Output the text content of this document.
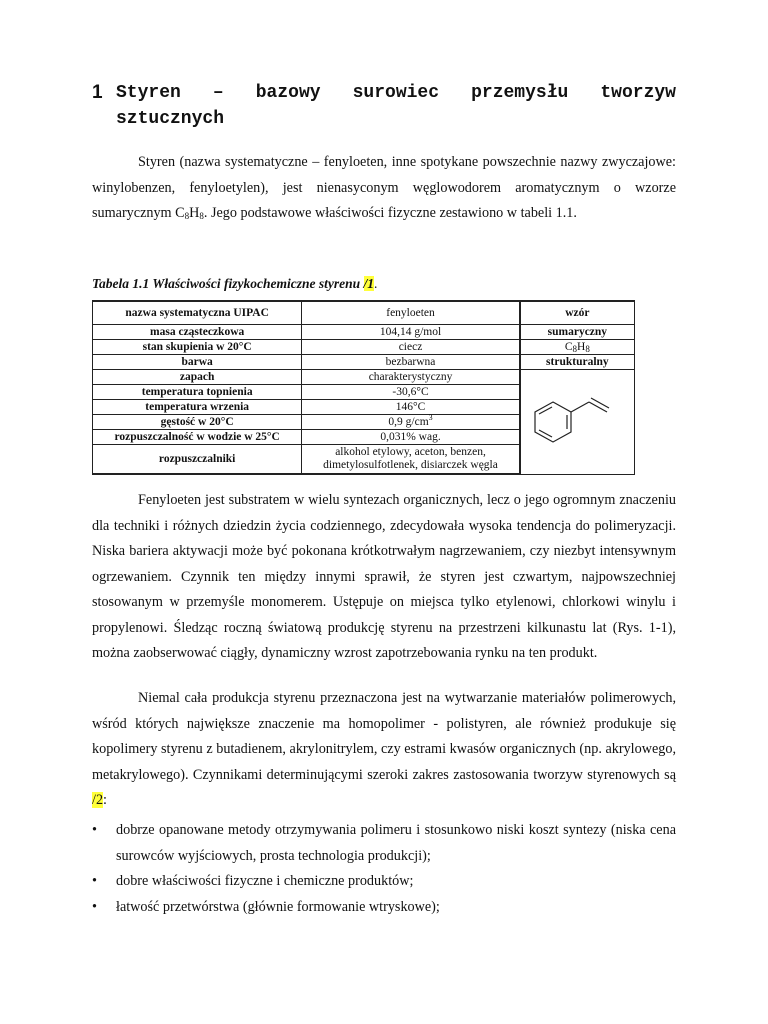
1 Styren – bazowy surowiec przemysłu tworzyw sztucznych
Styren (nazwa systematyczne – fenyloeten, inne spotykane powszechnie nazwy zwyczajowe: winylobenzen, fenyloetylen), jest nienasyconym węglowodorem aromatycznym o wzorze sumarycznym $C_8H_8$. Jego podstawowe właściwości fizyczne zestawiono w tabeli 1.1.
Tabela 1.1 Właściwości fizykochemiczne styrenu /1.
nazwa systematyczna UIPAC	fenyloeten	wzór
masa cząsteczkowa	104,14 g/mol	sumaryczny
stan skupienia w 20°C	ciecz	$C_8H_8$
barwa	bezbarwna	strukturalny
zapach	charakterystyczny	
temperatura topnienia	-30,6°C	
temperatura wrzenia	146°C	
gęstość w 20°C	0,9 $g/cm^3$
rozpuszczalność w wodzie w 25°C	0,031% wag.	
rozpuszczalniki	alkohol etylowy, aceton, benzen, dimetylosulfotlenek, disiarczek węgla	
Fenyloeten jest substratem w wielu syntezach organicznych, lecz o jego ogromnym znaczeniu dla techniki i różnych dziedzin życia codziennego, zdecydowała wysoka tendencja do polimeryzacji. Niska bariera aktywacji może być pokonana krótkotrwałym nagrzewaniem, czy niezbyt intensywnym ogrzewaniem. Czynnik ten między innymi sprawił, że styren jest czwartym, najpowszechniej stosowanym w przemyśle monomerem. Ustępuje on miejsca tylko etylenowi, chlorkowi winylu i propylenowi. Śledząc roczną światową produkcję styrenu na przestrzeni kilkunastu lat (Rys. 1-1), można zaobserwować ciągły, dynamiczny wzrost zapotrzebowania rynku na ten produkt.
Niemal cała produkcja styrenu przeznaczona jest na wytwarzanie materiałów polimerowych, wśród których największe znaczenie ma homopolimer - polistyren, ale również produkuje się kopolimery styrenu z butadienem, akrylonitrylem, czy estrami kwasów organicznych (np. akrylowego, metakrylowego). Czynnikami determinującymi szeroki zakres zastosowania tworzyw styrenowych są /2:
• dobrze opanowane metody otrzymywania polimeru i stosunkowo niski koszt syntezy (niska cena surowców wyjściowych, prosta technologia produkcji);
• dobre właściwości fizyczne i chemiczne produktów;
• łatwość przetwórstwa (głównie formowanie wtryskowe);
